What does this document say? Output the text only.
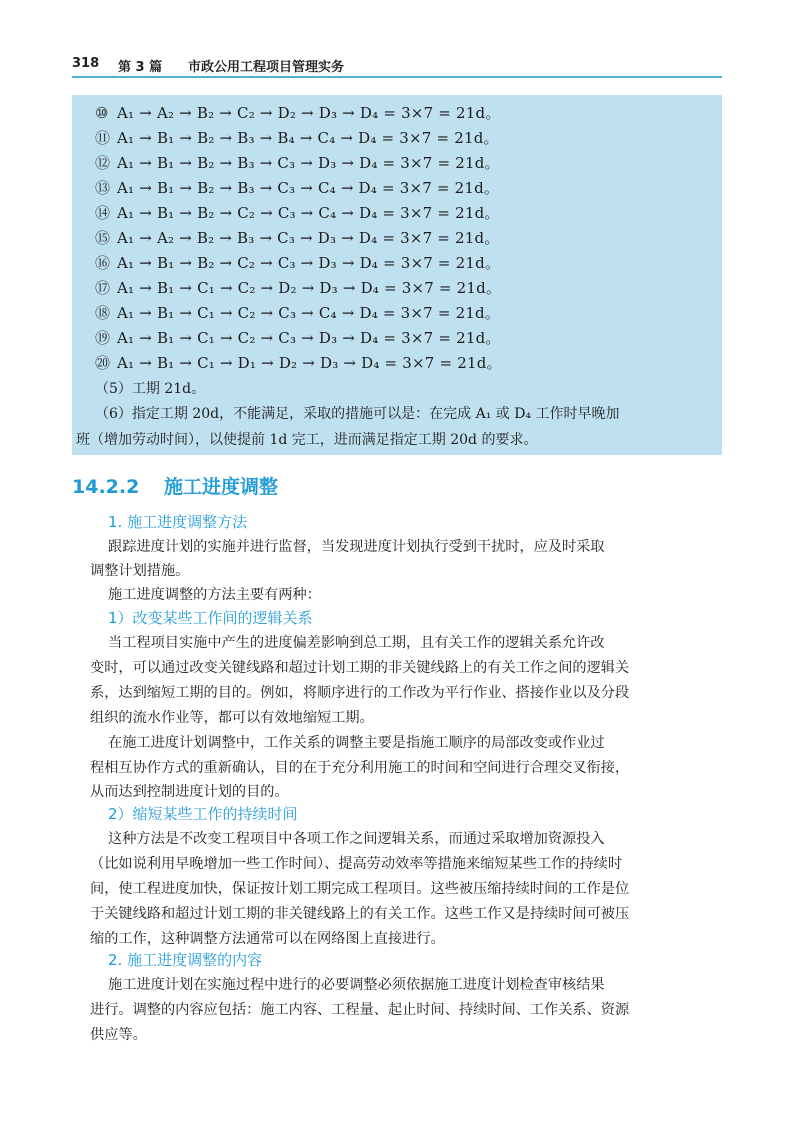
318 第 3 篇 市政公用工程项目管理实务
⑩ A₁ → A₂ → B₂ → C₂ → D₂ → D₃ → D₄ = 3×7 = 21d。
⑪ A₁ → B₁ → B₂ → B₃ → B₄ → C₄ → D₄ = 3×7 = 21d。
⑫ A₁ → B₁ → B₂ → B₃ → C₃ → D₃ → D₄ = 3×7 = 21d。
⑬ A₁ → B₁ → B₂ → B₃ → C₃ → C₄ → D₄ = 3×7 = 21d。
⑭ A₁ → B₁ → B₂ → C₂ → C₃ → C₄ → D₄ = 3×7 = 21d。
⑮ A₁ → A₂ → B₂ → B₃ → C₃ → D₃ → D₄ = 3×7 = 21d。
⑯ A₁ → B₁ → B₂ → C₂ → C₃ → D₃ → D₄ = 3×7 = 21d。
⑰ A₁ → B₁ → C₁ → C₂ → D₂ → D₃ → D₄ = 3×7 = 21d。
⑱ A₁ → B₁ → C₁ → C₂ → C₃ → C₄ → D₄ = 3×7 = 21d。
⑲ A₁ → B₁ → C₁ → C₂ → C₃ → D₃ → D₄ = 3×7 = 21d。
⑳ A₁ → B₁ → C₁ → D₁ → D₂ → D₃ → D₄ = 3×7 = 21d。
（5）工期 21d。
（6）指定工期 20d，不能满足，采取的措施可以是：在完成 A₁ 或 D₄ 工作时早晚加
班（增加劳动时间），以使提前 1d 完工，进而满足指定工期 20d 的要求。
14.2.2 施工进度调整
1. 施工进度调整方法
跟踪进度计划的实施并进行监督，当发现进度计划执行受到干扰时，应及时采取
调整计划措施。
施工进度调整的方法主要有两种：
1）改变某些工作间的逻辑关系
当工程项目实施中产生的进度偏差影响到总工期，且有关工作的逻辑关系允许改
变时，可以通过改变关键线路和超过计划工期的非关键线路上的有关工作之间的逻辑关
系，达到缩短工期的目的。例如，将顺序进行的工作改为平行作业、搭接作业以及分段
组织的流水作业等，都可以有效地缩短工期。
在施工进度计划调整中，工作关系的调整主要是指施工顺序的局部改变或作业过
程相互协作方式的重新确认，目的在于充分利用施工的时间和空间进行合理交叉衔接，
从而达到控制进度计划的目的。
2）缩短某些工作的持续时间
这种方法是不改变工程项目中各项工作之间逻辑关系，而通过采取增加资源投入
（比如说利用早晚增加一些工作时间）、提高劳动效率等措施来缩短某些工作的持续时
间，使工程进度加快，保证按计划工期完成工程项目。这些被压缩持续时间的工作是位
于关键线路和超过计划工期的非关键线路上的有关工作。这些工作又是持续时间可被压
缩的工作，这种调整方法通常可以在网络图上直接进行。
2. 施工进度调整的内容
施工进度计划在实施过程中进行的必要调整必须依据施工进度计划检查审核结果
进行。调整的内容应包括：施工内容、工程量、起止时间、持续时间、工作关系、资源
供应等。
